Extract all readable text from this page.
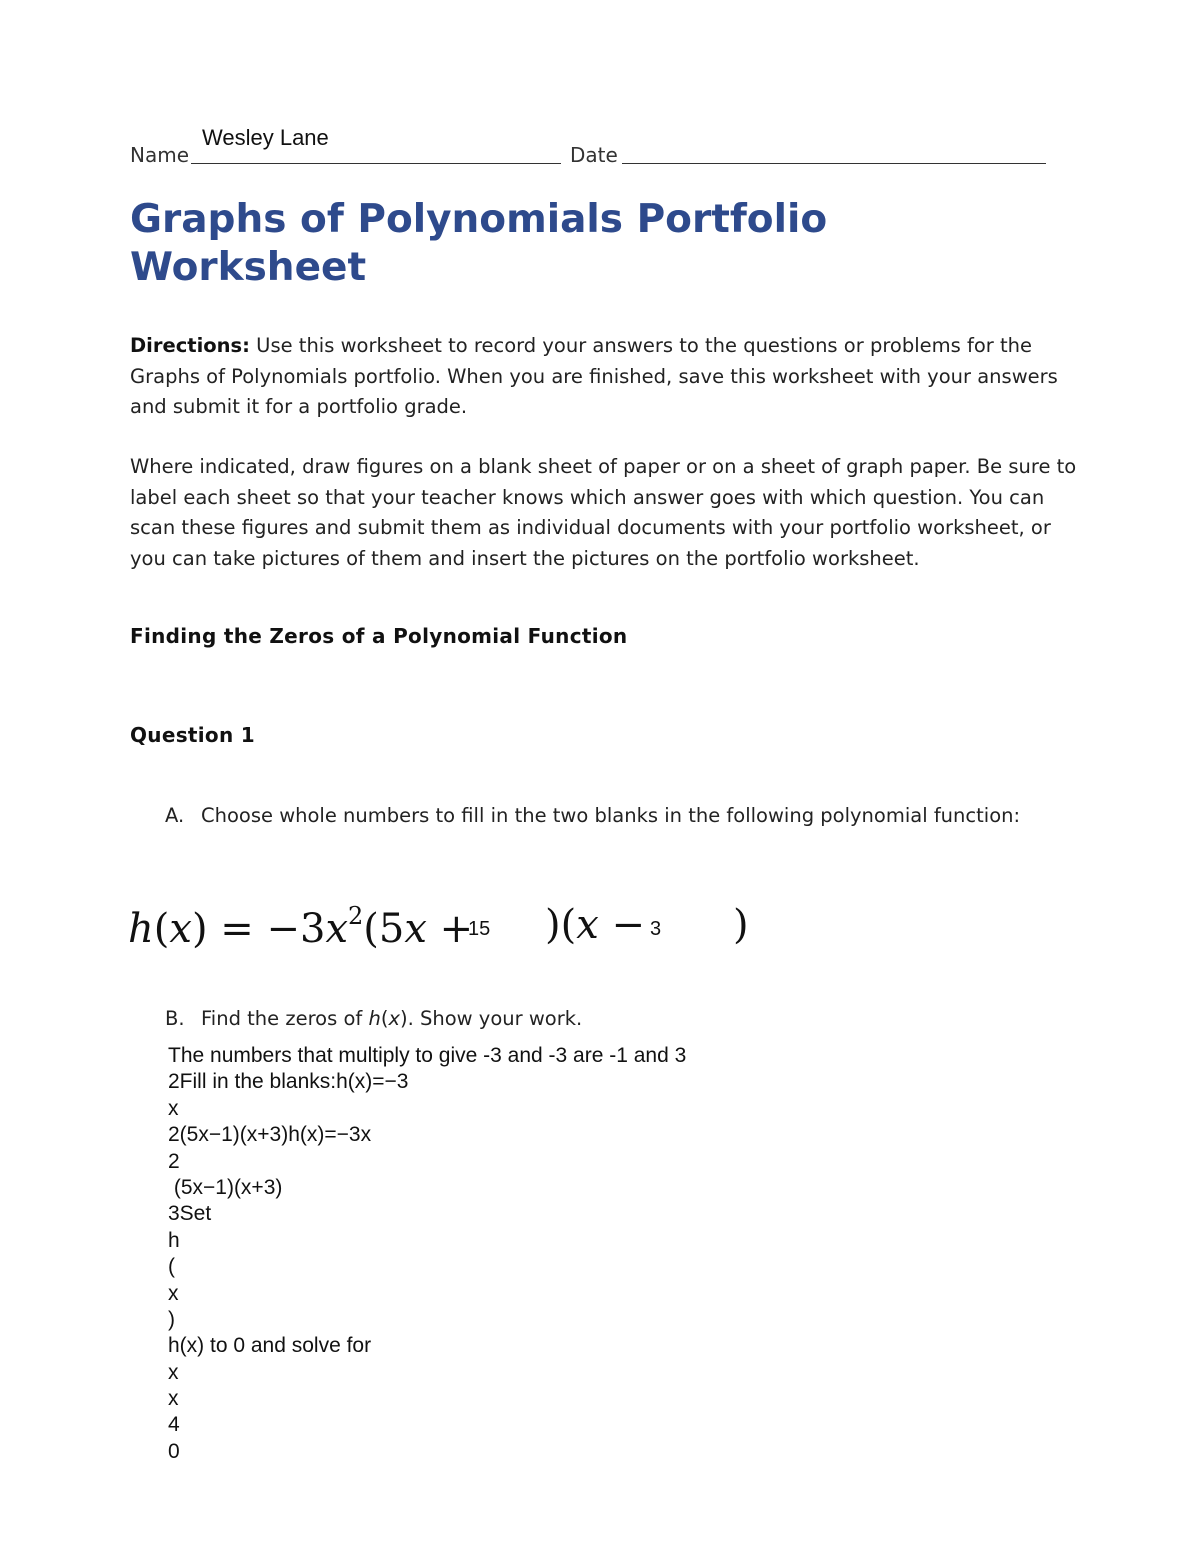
Wesley Lane
Name	Date
Graphs of Polynomials Portfolio
Worksheet
Directions: Use this worksheet to record your answers to the questions or problems for the Graphs of Polynomials portfolio. When you are finished, save this worksheet with your answers and submit it for a portfolio grade.
Where indicated, draw figures on a blank sheet of paper or on a sheet of graph paper. Be sure to label each sheet so that your teacher knows which answer goes with which question. You can scan these figures and submit them as individual documents with your portfolio worksheet, or you can take pictures of them and insert the pictures on the portfolio worksheet.
Finding the Zeros of a Polynomial Function
Question 1
A. Choose whole numbers to fill in the two blanks in the following polynomial function:
$h(x) = -3x^2(5x$ +
15 )(x − 3 )
B. Find the zeros of h(x). Show your work.
The numbers that multiply to give -3 and -3 are -1 and 3
2Fill in the blanks:h(x)=−3
x
2(5x−1)(x+3)h(x)=−3x
2
(5x−1)(x+3)
3Set
h
(
x
)
h(x) to 0 and solve for
x
x
4
0
